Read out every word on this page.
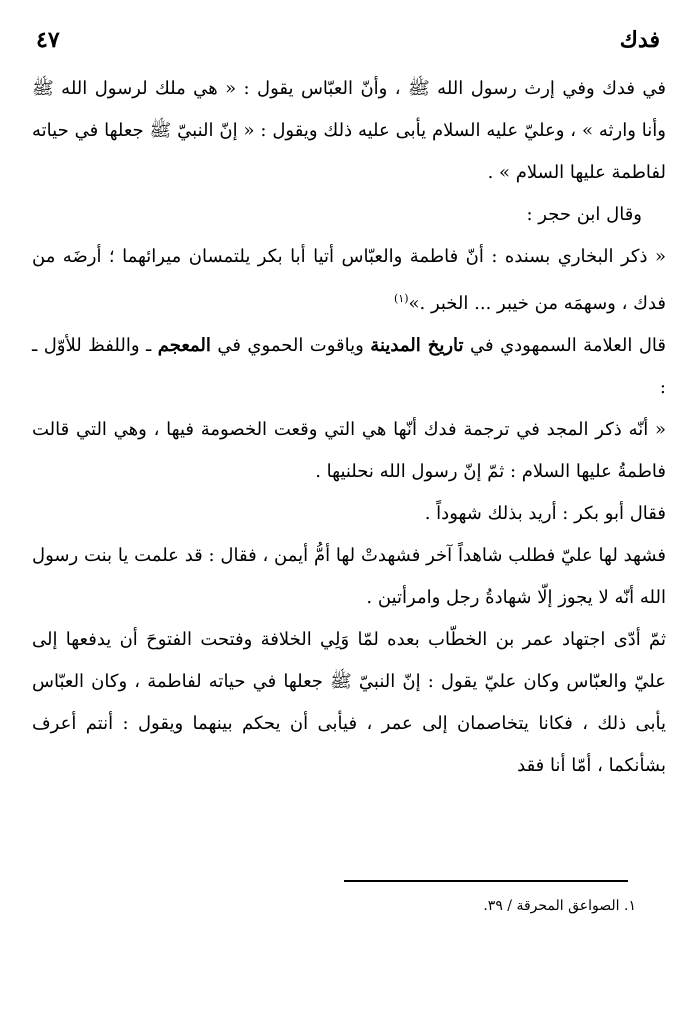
٤٧	فدك

في فدك وفي إرث رسول الله ﷺ ، وأنّ العبّاس يقول : « هي ملك لرسول الله ﷺ وأنا وارثه » ، وعليّ عليه السلام يأبى عليه ذلك ويقول : « إنّ النبيّ ﷺ جعلها في حياته لفاطمة عليها السلام » .

وقال ابن حجر :

« ذكر البخاري بسنده : أنّ فاطمة والعبّاس أتيا أبا بكر يلتمسان ميرائهما ؛ أرضَه من فدك ، وسهمَه من خيبر ... الخبر .»$^{(١)}$

قال العلامة السمهودي في تاريخ المدينة وياقوت الحموي في المعجم ـ واللفظ للأوّل ـ :

« أنّه ذكر المجد في ترجمة فدك أنّها هي التي وقعت الخصومة فيها ، وهي التي قالت فاطمةُ عليها السلام : ثمّ إنّ رسول الله نحلنيها .

فقال أبو بكر : أريد بذلك شهوداً .

فشهد لها عليّ فطلب شاهداً آخر فشهدتْ لها أمُّ أيمن ، فقال : قد علمت يا بنت رسول الله أنّه لا يجوز إلّا شهادةُ رجل وامرأتين .

ثمّ أدّى اجتهاد عمر بن الخطّاب بعده لمّا وَلِي الخلافة وفتحت الفتوحَ أن يدفعها إلى عليّ والعبّاس وكان عليّ يقول : إنّ النبيّ ﷺ جعلها في حياته لفاطمة ، وكان العبّاس يأبى ذلك ، فكانا يتخاصمان إلى عمر ، فيأبى أن يحكم بينهما ويقول : أنتم أعرف بشأنكما ، أمّا أنا فقد

١. الصواعق المحرقة / ٣٩.
